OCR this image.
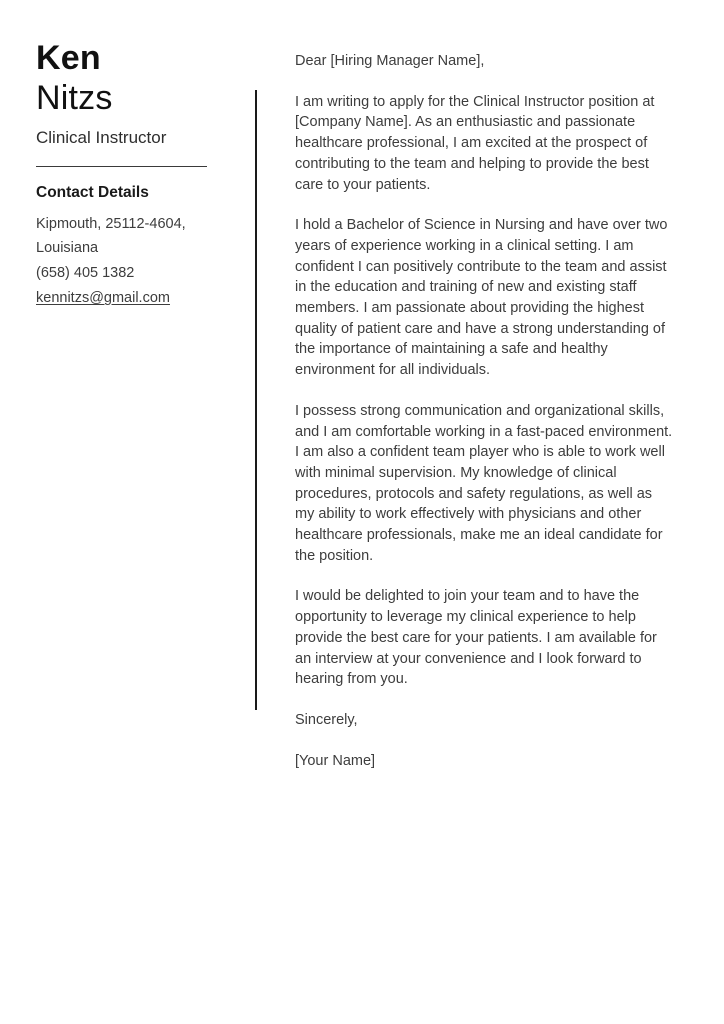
Ken
Nitzs
Clinical Instructor
Contact Details
Kipmouth, 25112-4604,
Louisiana
(658) 405 1382
kennitzs@gmail.com

Dear [Hiring Manager Name],

I am writing to apply for the Clinical Instructor position at [Company Name]. As an enthusiastic and passionate healthcare professional, I am excited at the prospect of contributing to the team and helping to provide the best care to your patients.

I hold a Bachelor of Science in Nursing and have over two years of experience working in a clinical setting. I am confident I can positively contribute to the team and assist in the education and training of new and existing staff members. I am passionate about providing the highest quality of patient care and have a strong understanding of the importance of maintaining a safe and healthy environment for all individuals.

I possess strong communication and organizational skills, and I am comfortable working in a fast-paced environment. I am also a confident team player who is able to work well with minimal supervision. My knowledge of clinical procedures, protocols and safety regulations, as well as my ability to work effectively with physicians and other healthcare professionals, make me an ideal candidate for the position.

I would be delighted to join your team and to have the opportunity to leverage my clinical experience to help provide the best care for your patients. I am available for an interview at your convenience and I look forward to hearing from you.

Sincerely,

[Your Name]
